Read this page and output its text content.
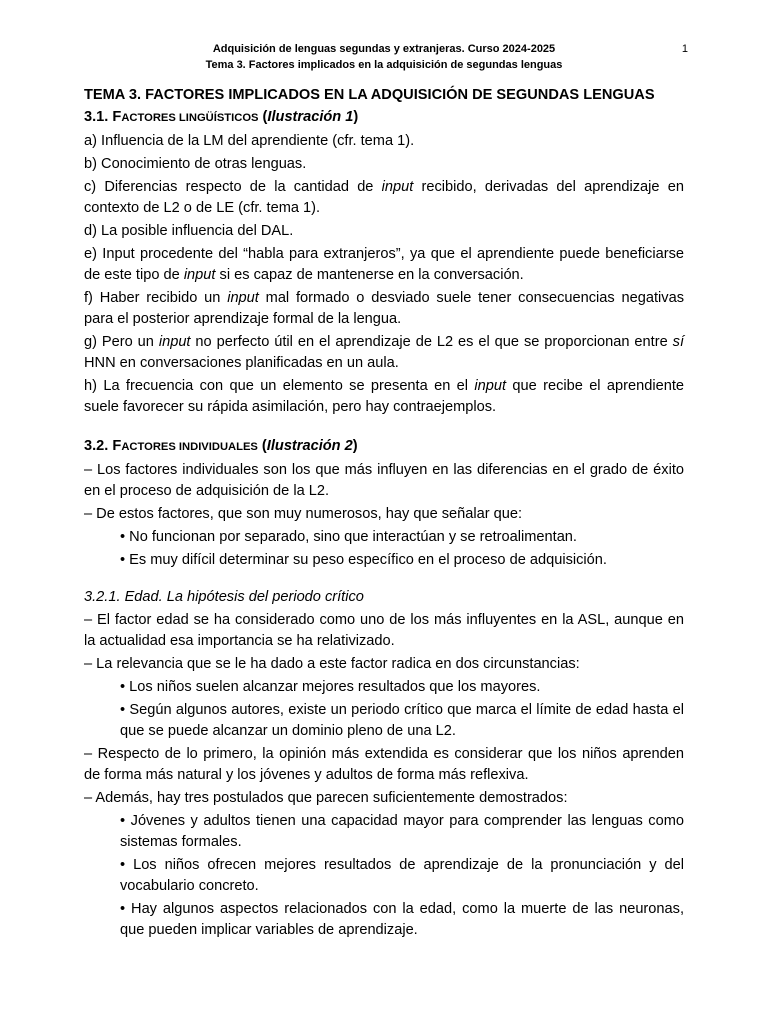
Adquisición de lenguas segundas y extranjeras. Curso 2024-2025
Tema 3. Factores implicados en la adquisición de segundas lenguas
1
TEMA 3. FACTORES IMPLICADOS EN LA ADQUISICIÓN DE SEGUNDAS LENGUAS
3.1. FACTORES LINGÜÍSTICOS (Ilustración 1)
a) Influencia de la LM del aprendiente (cfr. tema 1).
b) Conocimiento de otras lenguas.
c) Diferencias respecto de la cantidad de input recibido, derivadas del aprendizaje en contexto de L2 o de LE (cfr. tema 1).
d) La posible influencia del DAL.
e) Input procedente del “habla para extranjeros”, ya que el aprendiente puede beneficiarse de este tipo de input si es capaz de mantenerse en la conversación.
f) Haber recibido un input mal formado o desviado suele tener consecuencias negativas para el posterior aprendizaje formal de la lengua.
g) Pero un input no perfecto útil en el aprendizaje de L2 es el que se proporcionan entre sí HNN en conversaciones planificadas en un aula.
h) La frecuencia con que un elemento se presenta en el input que recibe el aprendiente suele favorecer su rápida asimilación, pero hay contraejemplos.
3.2. FACTORES INDIVIDUALES (Ilustración 2)
– Los factores individuales son los que más influyen en las diferencias en el grado de éxito en el proceso de adquisición de la L2.
– De estos factores, que son muy numerosos, hay que señalar que:
• No funcionan por separado, sino que interactúan y se retroalimentan.
• Es muy difícil determinar su peso específico en el proceso de adquisición.
3.2.1. Edad. La hipótesis del periodo crítico
– El factor edad se ha considerado como uno de los más influyentes en la ASL, aunque en la actualidad esa importancia se ha relativizado.
– La relevancia que se le ha dado a este factor radica en dos circunstancias:
• Los niños suelen alcanzar mejores resultados que los mayores.
• Según algunos autores, existe un periodo crítico que marca el límite de edad hasta el que se puede alcanzar un dominio pleno de una L2.
– Respecto de lo primero, la opinión más extendida es considerar que los niños aprenden de forma más natural y los jóvenes y adultos de forma más reflexiva.
– Además, hay tres postulados que parecen suficientemente demostrados:
• Jóvenes y adultos tienen una capacidad mayor para comprender las lenguas como sistemas formales.
• Los niños ofrecen mejores resultados de aprendizaje de la pronunciación y del vocabulario concreto.
• Hay algunos aspectos relacionados con la edad, como la muerte de las neuronas, que pueden implicar variables de aprendizaje.
